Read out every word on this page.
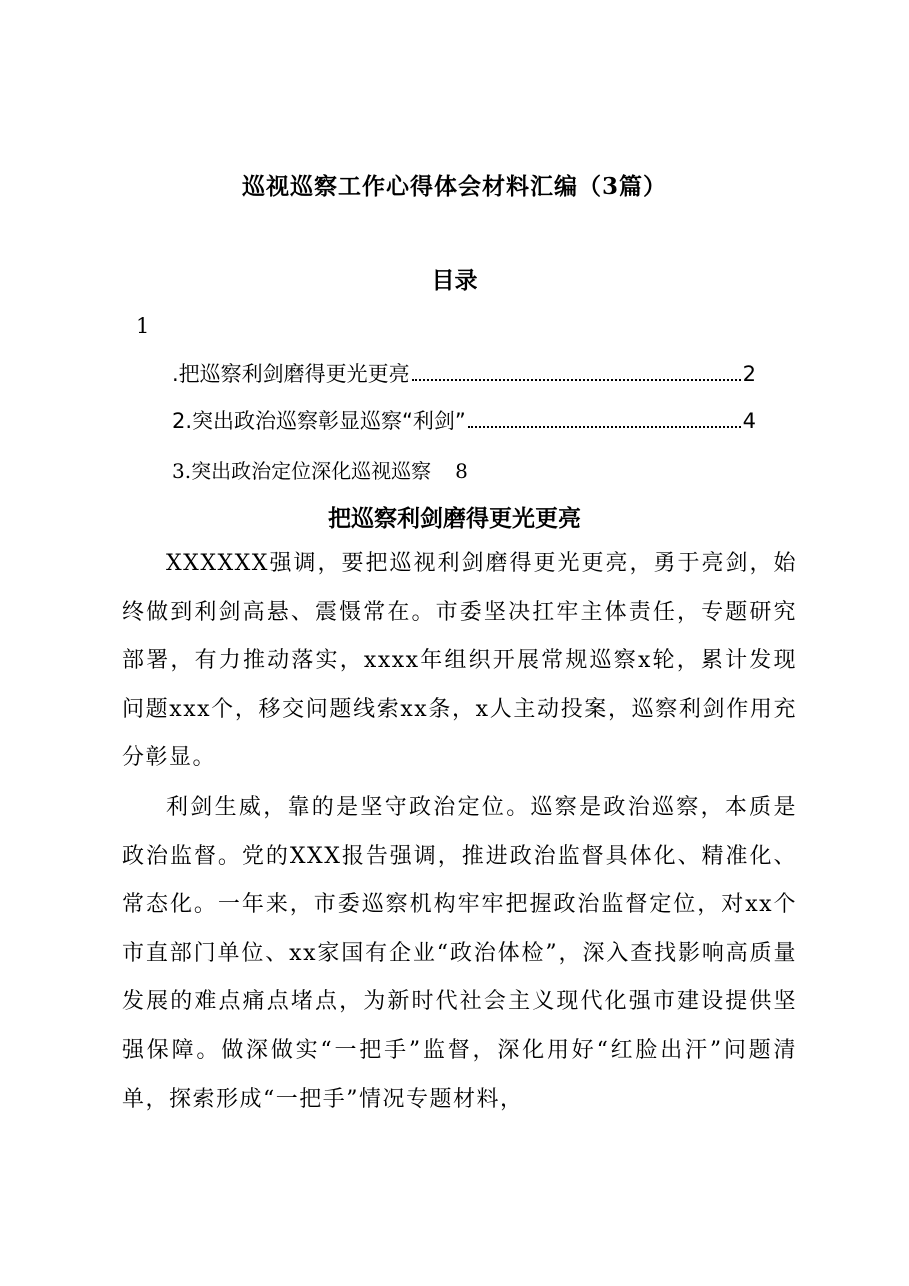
巡视巡察工作心得体会材料汇编（3篇）
目录
1
.把巡察利剑磨得更光更亮	2
2.突出政治巡察彰显巡察“利剑”	4
3.突出政治定位深化巡视巡察 8
把巡察利剑磨得更光更亮

XXXXXX强调，要把巡视利剑磨得更光更亮，勇于亮剑，始终做到利剑高悬、震慑常在。市委坚决扛牢主体责任，专题研究部署，有力推动落实，xxxx年组织开展常规巡察x轮，累计发现问题xxx个，移交问题线索xx条，x人主动投案，巡察利剑作用充分彰显。

利剑生威，靠的是坚守政治定位。巡察是政治巡察，本质是政治监督。党的XXX报告强调，推进政治监督具体化、精准化、常态化。一年来，市委巡察机构牢牢把握政治监督定位，对xx个市直部门单位、xx家国有企业“政治体检”，深入查找影响高质量发展的难点痛点堵点，为新时代社会主义现代化强市建设提供坚强保障。做深做实“一把手”监督，深化用好“红脸出汗”问题清单，探索形成“一把手”情况专题材料，
